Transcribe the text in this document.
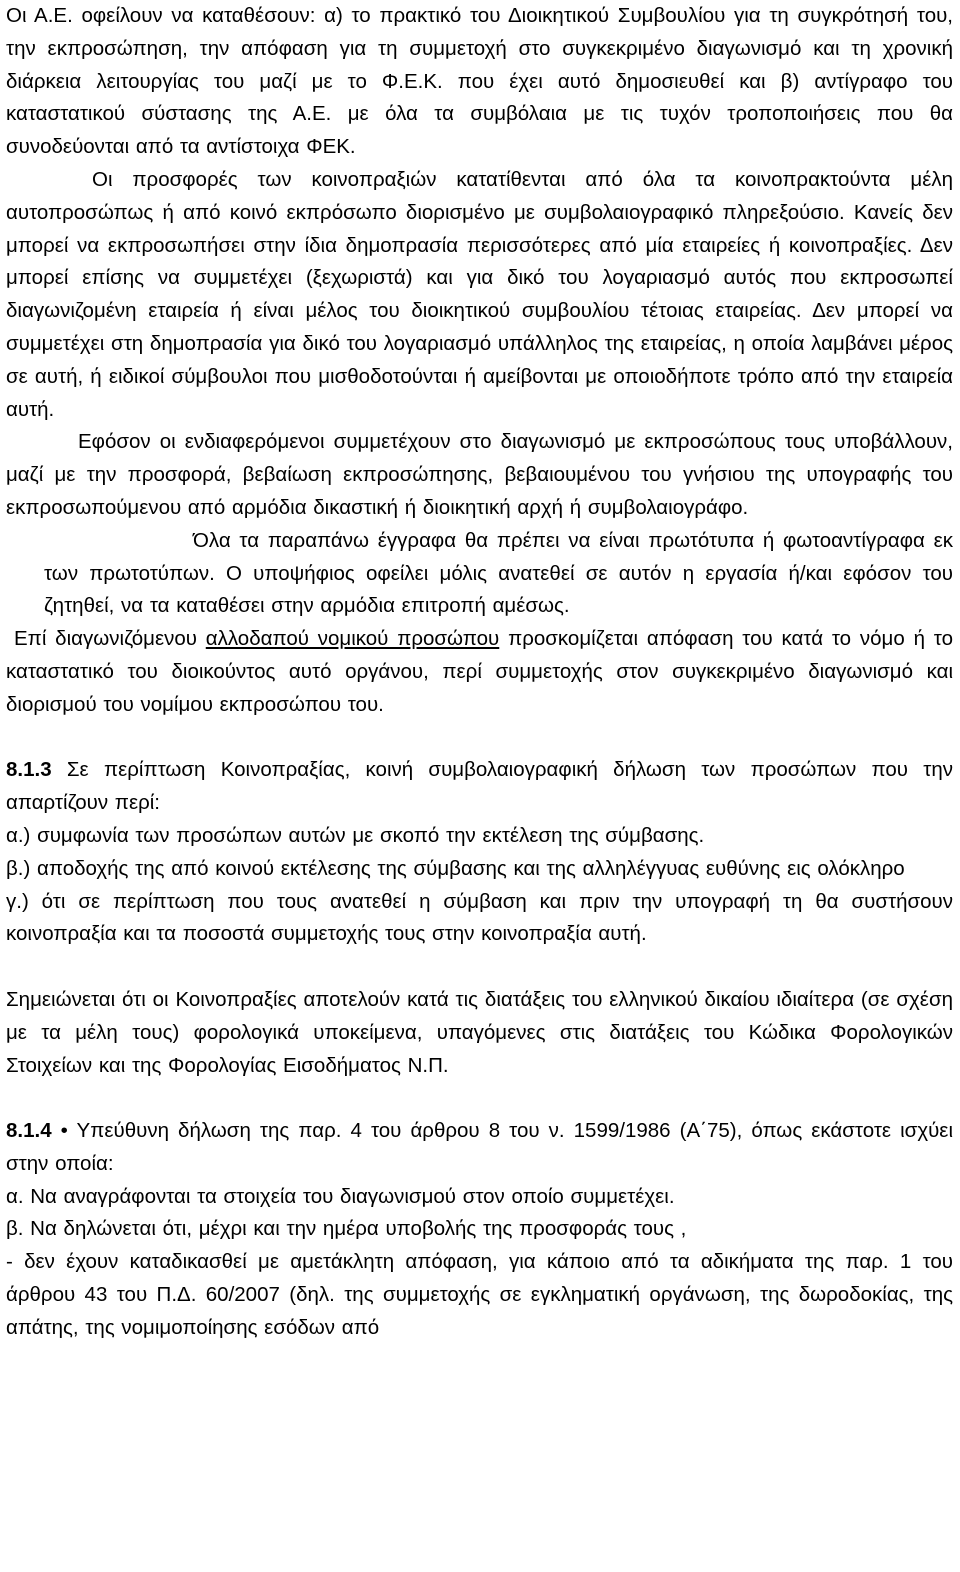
Οι Α.Ε. οφείλουν να καταθέσουν: α) το πρακτικό του Διοικητικού Συμβουλίου για τη συγκρότησή του, την εκπροσώπηση, την απόφαση για τη συμμετοχή στο συγκεκριμένο διαγωνισμό και τη χρονική διάρκεια λειτουργίας του μαζί με το Φ.Ε.Κ. που έχει αυτό δημοσιευθεί και β) αντίγραφο του καταστατικού σύστασης της Α.Ε. με όλα τα συμβόλαια με τις τυχόν τροποποιήσεις που θα συνοδεύονται από τα αντίστοιχα ΦΕΚ.
Οι προσφορές των κοινοπραξιών κατατίθενται από όλα τα κοινοπρακτούντα μέλη αυτοπροσώπως ή από κοινό εκπρόσωπο διορισμένο με συμβολαιογραφικό πληρεξούσιο. Κανείς δεν μπορεί να εκπροσωπήσει στην ίδια δημοπρασία περισσότερες από μία εταιρείες ή κοινοπραξίες. Δεν μπορεί επίσης να συμμετέχει (ξεχωριστά) και για δικό του λογαριασμό αυτός που εκπροσωπεί διαγωνιζομένη εταιρεία ή είναι μέλος του διοικητικού συμβουλίου τέτοιας εταιρείας. Δεν μπορεί να συμμετέχει στη δημοπρασία για δικό του λογαριασμό υπάλληλος της εταιρείας, η οποία λαμβάνει μέρος σε αυτή, ή ειδικοί σύμβουλοι που μισθοδοτούνται ή αμείβονται με οποιοδήποτε τρόπο από την εταιρεία αυτή.
Εφόσον οι ενδιαφερόμενοι συμμετέχουν στο διαγωνισμό με εκπροσώπους τους υποβάλλουν, μαζί με την προσφορά, βεβαίωση εκπροσώπησης, βεβαιουμένου του γνήσιου της υπογραφής του εκπροσωπούμενου από αρμόδια δικαστική ή διοικητική αρχή ή συμβολαιογράφο.
Όλα τα παραπάνω έγγραφα θα πρέπει να είναι πρωτότυπα ή φωτοαντίγραφα εκ των πρωτοτύπων. Ο υποψήφιος οφείλει μόλις ανατεθεί σε αυτόν η εργασία ή/και εφόσον του ζητηθεί, να τα καταθέσει στην αρμόδια επιτροπή αμέσως.
Επί διαγωνιζόμενου αλλοδαπού νομικού προσώπου προσκομίζεται απόφαση του κατά το νόμο ή το καταστατικό του διοικούντος αυτό οργάνου, περί συμμετοχής στον συγκεκριμένο διαγωνισμό και διορισμού του νομίμου εκπροσώπου του.
8.1.3 Σε περίπτωση Κοινοπραξίας, κοινή συμβολαιογραφική δήλωση των προσώπων που την απαρτίζουν περί:
α.) συμφωνία των προσώπων αυτών με σκοπό την εκτέλεση της σύμβασης.
β.) αποδοχής της από κοινού εκτέλεσης της σύμβασης και της αλληλέγγυας ευθύνης εις ολόκληρο
γ.) ότι σε περίπτωση που τους ανατεθεί η σύμβαση και πριν την υπογραφή τη θα συστήσουν κοινοπραξία και τα ποσοστά συμμετοχής τους στην κοινοπραξία αυτή.
Σημειώνεται ότι οι Κοινοπραξίες αποτελούν κατά τις διατάξεις του ελληνικού δικαίου ιδιαίτερα (σε σχέση με τα μέλη τους) φορολογικά υποκείμενα, υπαγόμενες στις διατάξεις του Κώδικα Φορολογικών Στοιχείων και της Φορολογίας Εισοδήματος Ν.Π.
8.1.4 • Υπεύθυνη δήλωση της παρ. 4 του άρθρου 8 του ν. 1599/1986 (Α΄75), όπως εκάστοτε ισχύει στην οποία:
α. Να αναγράφονται τα στοιχεία του διαγωνισμού στον οποίο συμμετέχει.
β. Να δηλώνεται ότι, μέχρι και την ημέρα υποβολής της προσφοράς τους ,
- δεν έχουν καταδικασθεί με αμετάκλητη απόφαση, για κάποιο από τα αδικήματα της παρ. 1 του άρθρου 43 του Π.Δ. 60/2007 (δηλ. της συμμετοχής σε εγκληματική οργάνωση, της δωροδοκίας, της απάτης, της νομιμοποίησης εσόδων από
